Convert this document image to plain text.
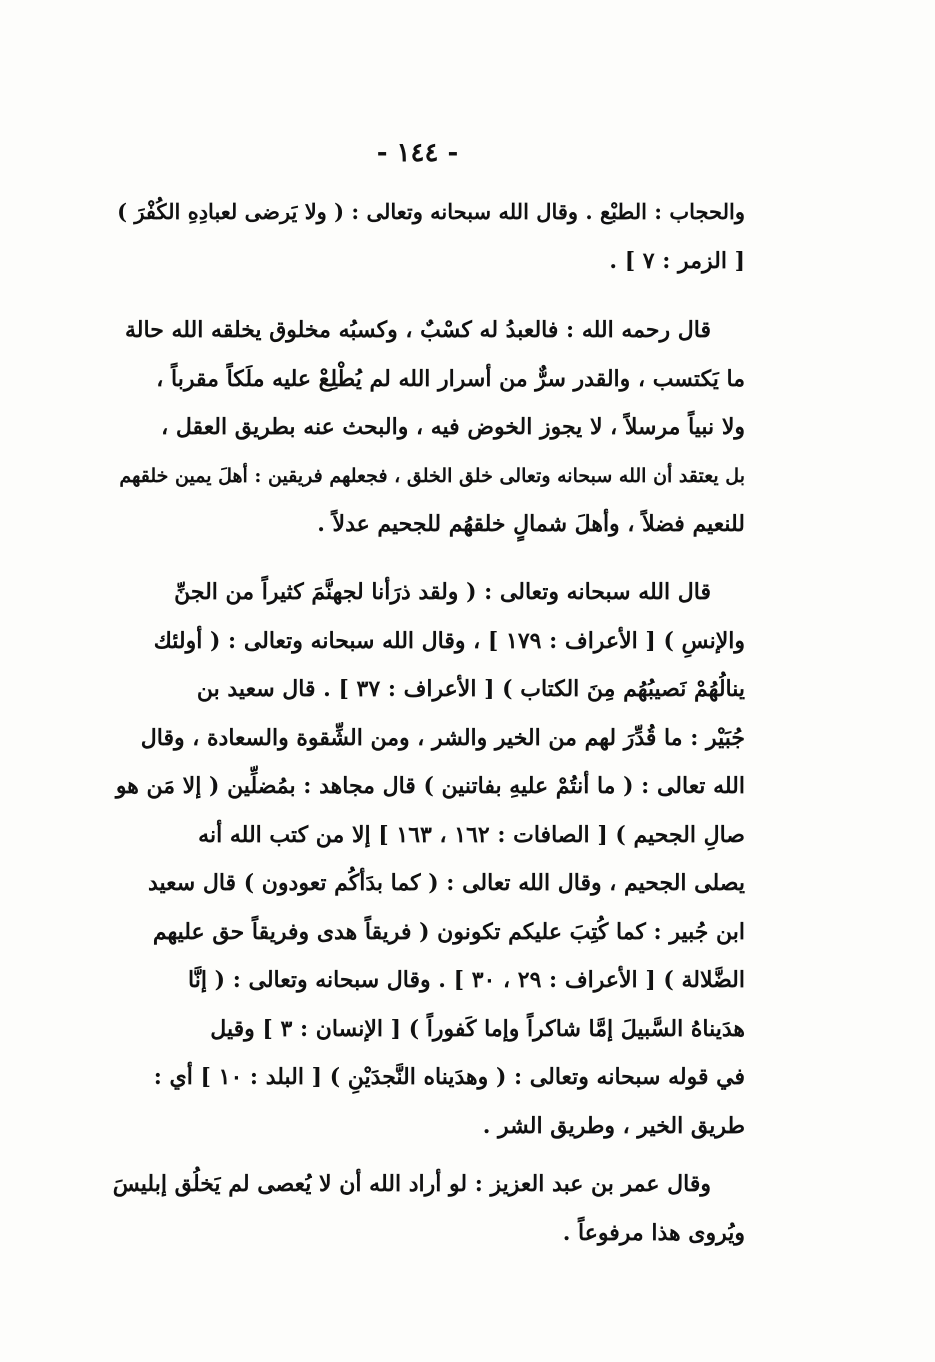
- ١٤٤ -
والحجاب : الطبْع . وقال الله سبحانه وتعالى : ( ولا يَرضى لعبادِهِ الكُفْرَ )
[ الزمر : ٧ ] .
قال رحمه الله : فالعبدُ له كسْبٌ ، وكسبُه مخلوق يخلقه الله حالة
ما يَكتسب ، والقدر سرٌّ من أسرار الله لم يُطْلِعْ عليه ملَكاً مقرباً ،
ولا نبياً مرسلاً ، لا يجوز الخوض فيه ، والبحث عنه بطريق العقل ،
بل يعتقد أن الله سبحانه وتعالى خلق الخلق ، فجعلهم فريقين : أهلَ يمين خلقهم
للنعيم فضلاً ، وأهلَ شمالٍ خلقهُم للجحيم عدلاً .
قال الله سبحانه وتعالى : ( ولقد ذرَأنا لجهنَّمَ كثيراً من الجنِّ
والإنسِ ) [ الأعراف : ١٧٩ ] ، وقال الله سبحانه وتعالى : ( أولئك
ينالُهُمْ نَصيبُهُم مِنَ الكتاب ) [ الأعراف : ٣٧ ] . قال سعيد بن
جُبَيْر : ما قُدِّرَ لهم من الخير والشر ، ومن الشِّقوة والسعادة ، وقال
الله تعالى : ( ما أنتُمْ عليهِ بفاتنين ) قال مجاهد : بمُضلِّين ( إلا مَن هو
صالِ الجحيم ) [ الصافات : ١٦٢ ، ١٦٣ ] إلا من كتب الله أنه
يصلى الجحيم ، وقال الله تعالى : ( كما بدَأكُم تعودون ) قال سعيد
ابن جُبير : كما كُتِبَ عليكم تكونون ( فريقاً هدى وفريقاً حق عليهم
الضَّلالة ) [ الأعراف : ٢٩ ، ٣٠ ] . وقال سبحانه وتعالى : ( إنَّا
هدَيناهُ السَّبيلَ إمَّا شاكراً وإما كَفوراً ) [ الإنسان : ٣ ] وقيل
في قوله سبحانه وتعالى : ( وهدَيناه النَّجدَيْنِ ) [ البلد : ١٠ ] أي :
طريق الخير ، وطريق الشر .
وقال عمر بن عبد العزيز : لو أراد الله أن لا يُعصى لم يَخلُق إبليسَ
ويُروى هذا مرفوعاً .
